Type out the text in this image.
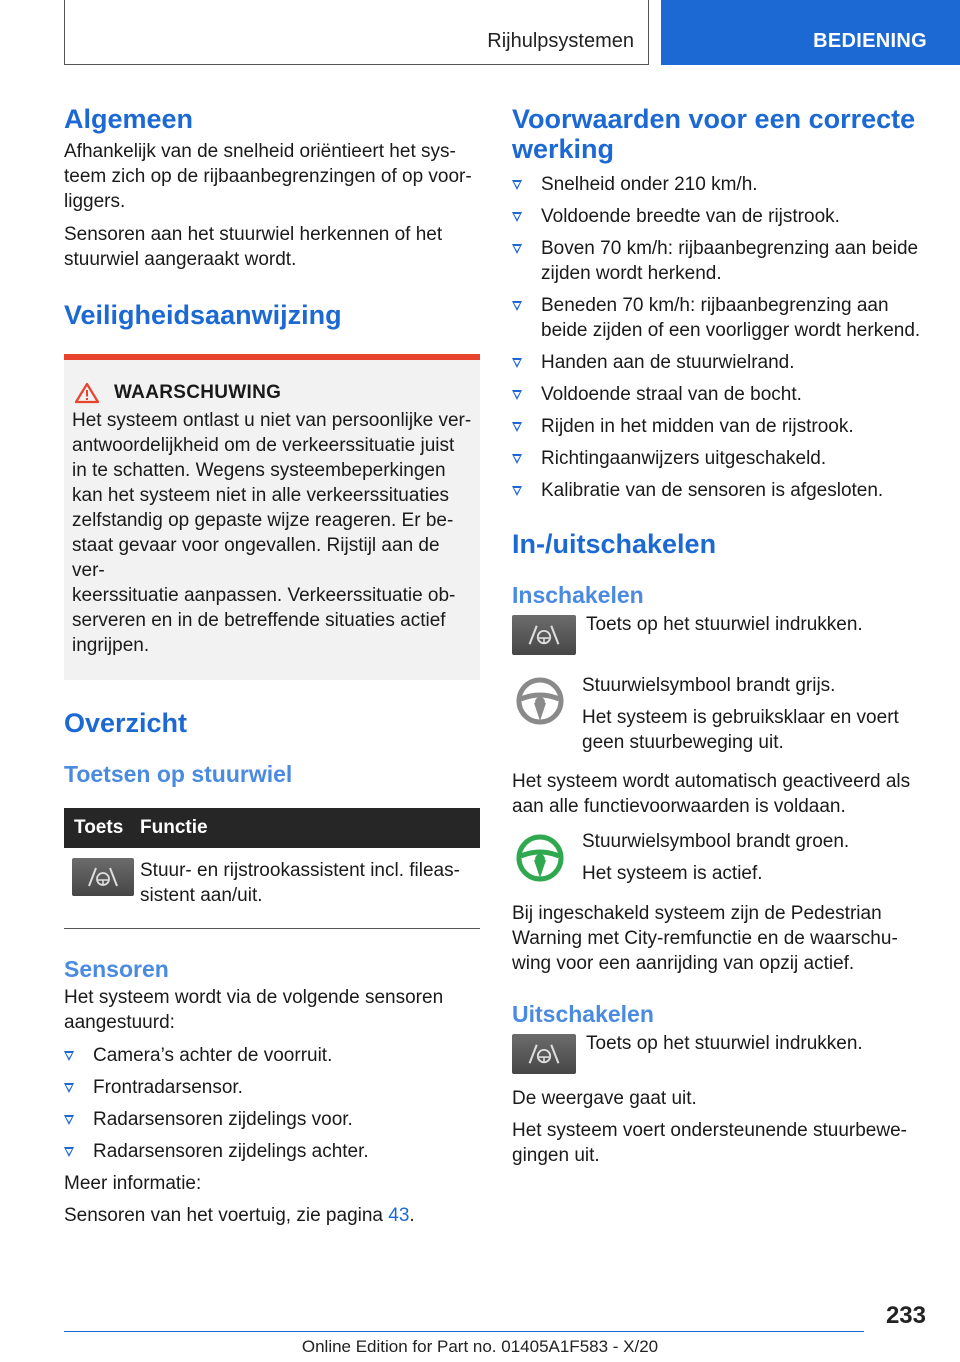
Rijhulpsystemen	BEDIENING
Algemeen

Afhankelijk van de snelheid oriëntieert het sys-
teem zich op de rijbaanbegrenzingen of op voor-
liggers.

Sensoren aan het stuurwiel herkennen of het
stuurwiel aangeraakt wordt.

Veiligheidsaanwijzing
WAARSCHUWING

Het systeem ontlast u niet van persoonlijke ver-
antwoordelijkheid om de verkeerssituatie juist
in te schatten. Wegens systeembeperkingen
kan het systeem niet in alle verkeerssituaties
zelfstandig op gepaste wijze reageren. Er be-
staat gevaar voor ongevallen. Rijstijl aan de ver-
keerssituatie aanpassen. Verkeerssituatie ob-
serveren en in de betreffende situaties actief
ingrijpen.

Overzicht
Toetsen op stuurwiel
Toets	Functie

	Stuur- en rijstrookassistent incl. fileas-
sistent aan/uit.
Sensoren

Het systeem wordt via de volgende sensoren
aangestuurd:

Camera’s achter de voorruit.
Frontradarsensor.
Radarsensoren zijdelings voor.
Radarsensoren zijdelings achter.

Meer informatie:

Sensoren van het voertuig, zie pagina 43.

Voorwaarden voor een correcte
werking
Snelheid onder 210 km/h.
Voldoende breedte van de rijstrook.
Boven 70 km/h: rijbaanbegrenzing aan beide
zijden wordt herkend.
Beneden 70 km/h: rijbaanbegrenzing aan
beide zijden of een voorligger wordt herkend.
Handen aan de stuurwielrand.
Voldoende straal van de bocht.
Rijden in het midden van de rijstrook.
Richtingaanwijzers uitgeschakeld.
Kalibratie van de sensoren is afgesloten.
In-/uitschakelen
Inschakelen

Toets op het stuurwiel indrukken.

Stuurwielsymbool brandt grijs.

Het systeem is gebruiksklaar en voert
geen stuurbeweging uit.

Het systeem wordt automatisch geactiveerd als
aan alle functievoorwaarden is voldaan.

Stuurwielsymbool brandt groen.

Het systeem is actief.

Bij ingeschakeld systeem zijn de Pedestrian
Warning met City-remfunctie en de waarschu-
wing voor een aanrijding van opzij actief.

Uitschakelen

Toets op het stuurwiel indrukken.

De weergave gaat uit.

Het systeem voert ondersteunende stuurbewe-
gingen uit.

233
Online Edition for Part no. 01405A1F583 - X/20
